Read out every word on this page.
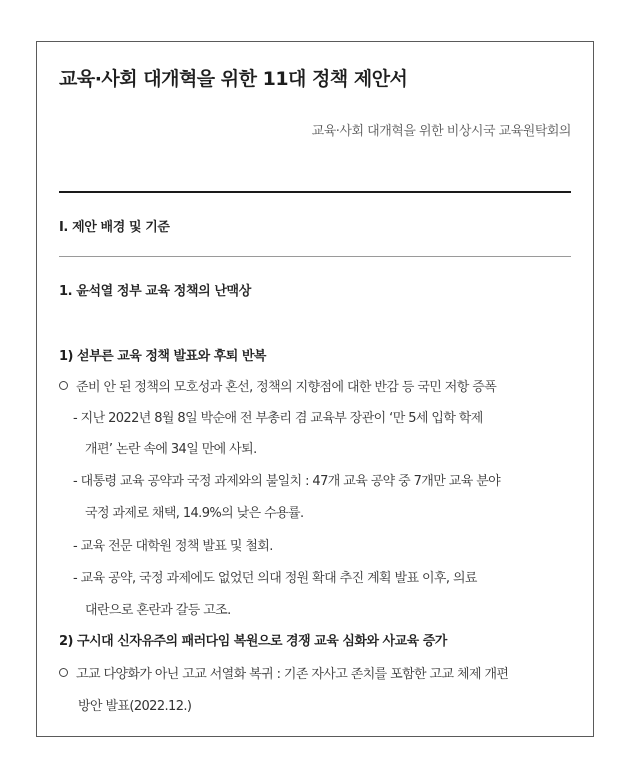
교육·사회 대개혁을 위한 11대 정책 제안서
교육·사회 대개혁을 위한 비상시국 교육원탁회의
Ⅰ. 제안 배경 및 기준
1. 윤석열 정부 교육 정책의 난맥상
1) 섣부른 교육 정책 발표와 후퇴 반복
준비 안 된 정책의 모호성과 혼선, 정책의 지향점에 대한 반감 등 국민 저항 증폭
- 지난 2022년 8월 8일 박순애 전 부총리 겸 교육부 장관이 ‘만 5세 입학 학제
개편’ 논란 속에 34일 만에 사퇴.
- 대통령 교육 공약과 국정 과제와의 불일치 : 47개 교육 공약 중 7개만 교육 분야
국정 과제로 채택, 14.9%의 낮은 수용률.
- 교육 전문 대학원 정책 발표 및 철회.
- 교육 공약, 국정 과제에도 없었던 의대 정원 확대 추진 계획 발표 이후, 의료
대란으로 혼란과 갈등 고조.
2) 구시대 신자유주의 패러다임 복원으로 경쟁 교육 심화와 사교육 증가
고교 다양화가 아닌 고교 서열화 복귀 : 기존 자사고 존치를 포함한 고교 체제 개편
방안 발표(2022.12.)
